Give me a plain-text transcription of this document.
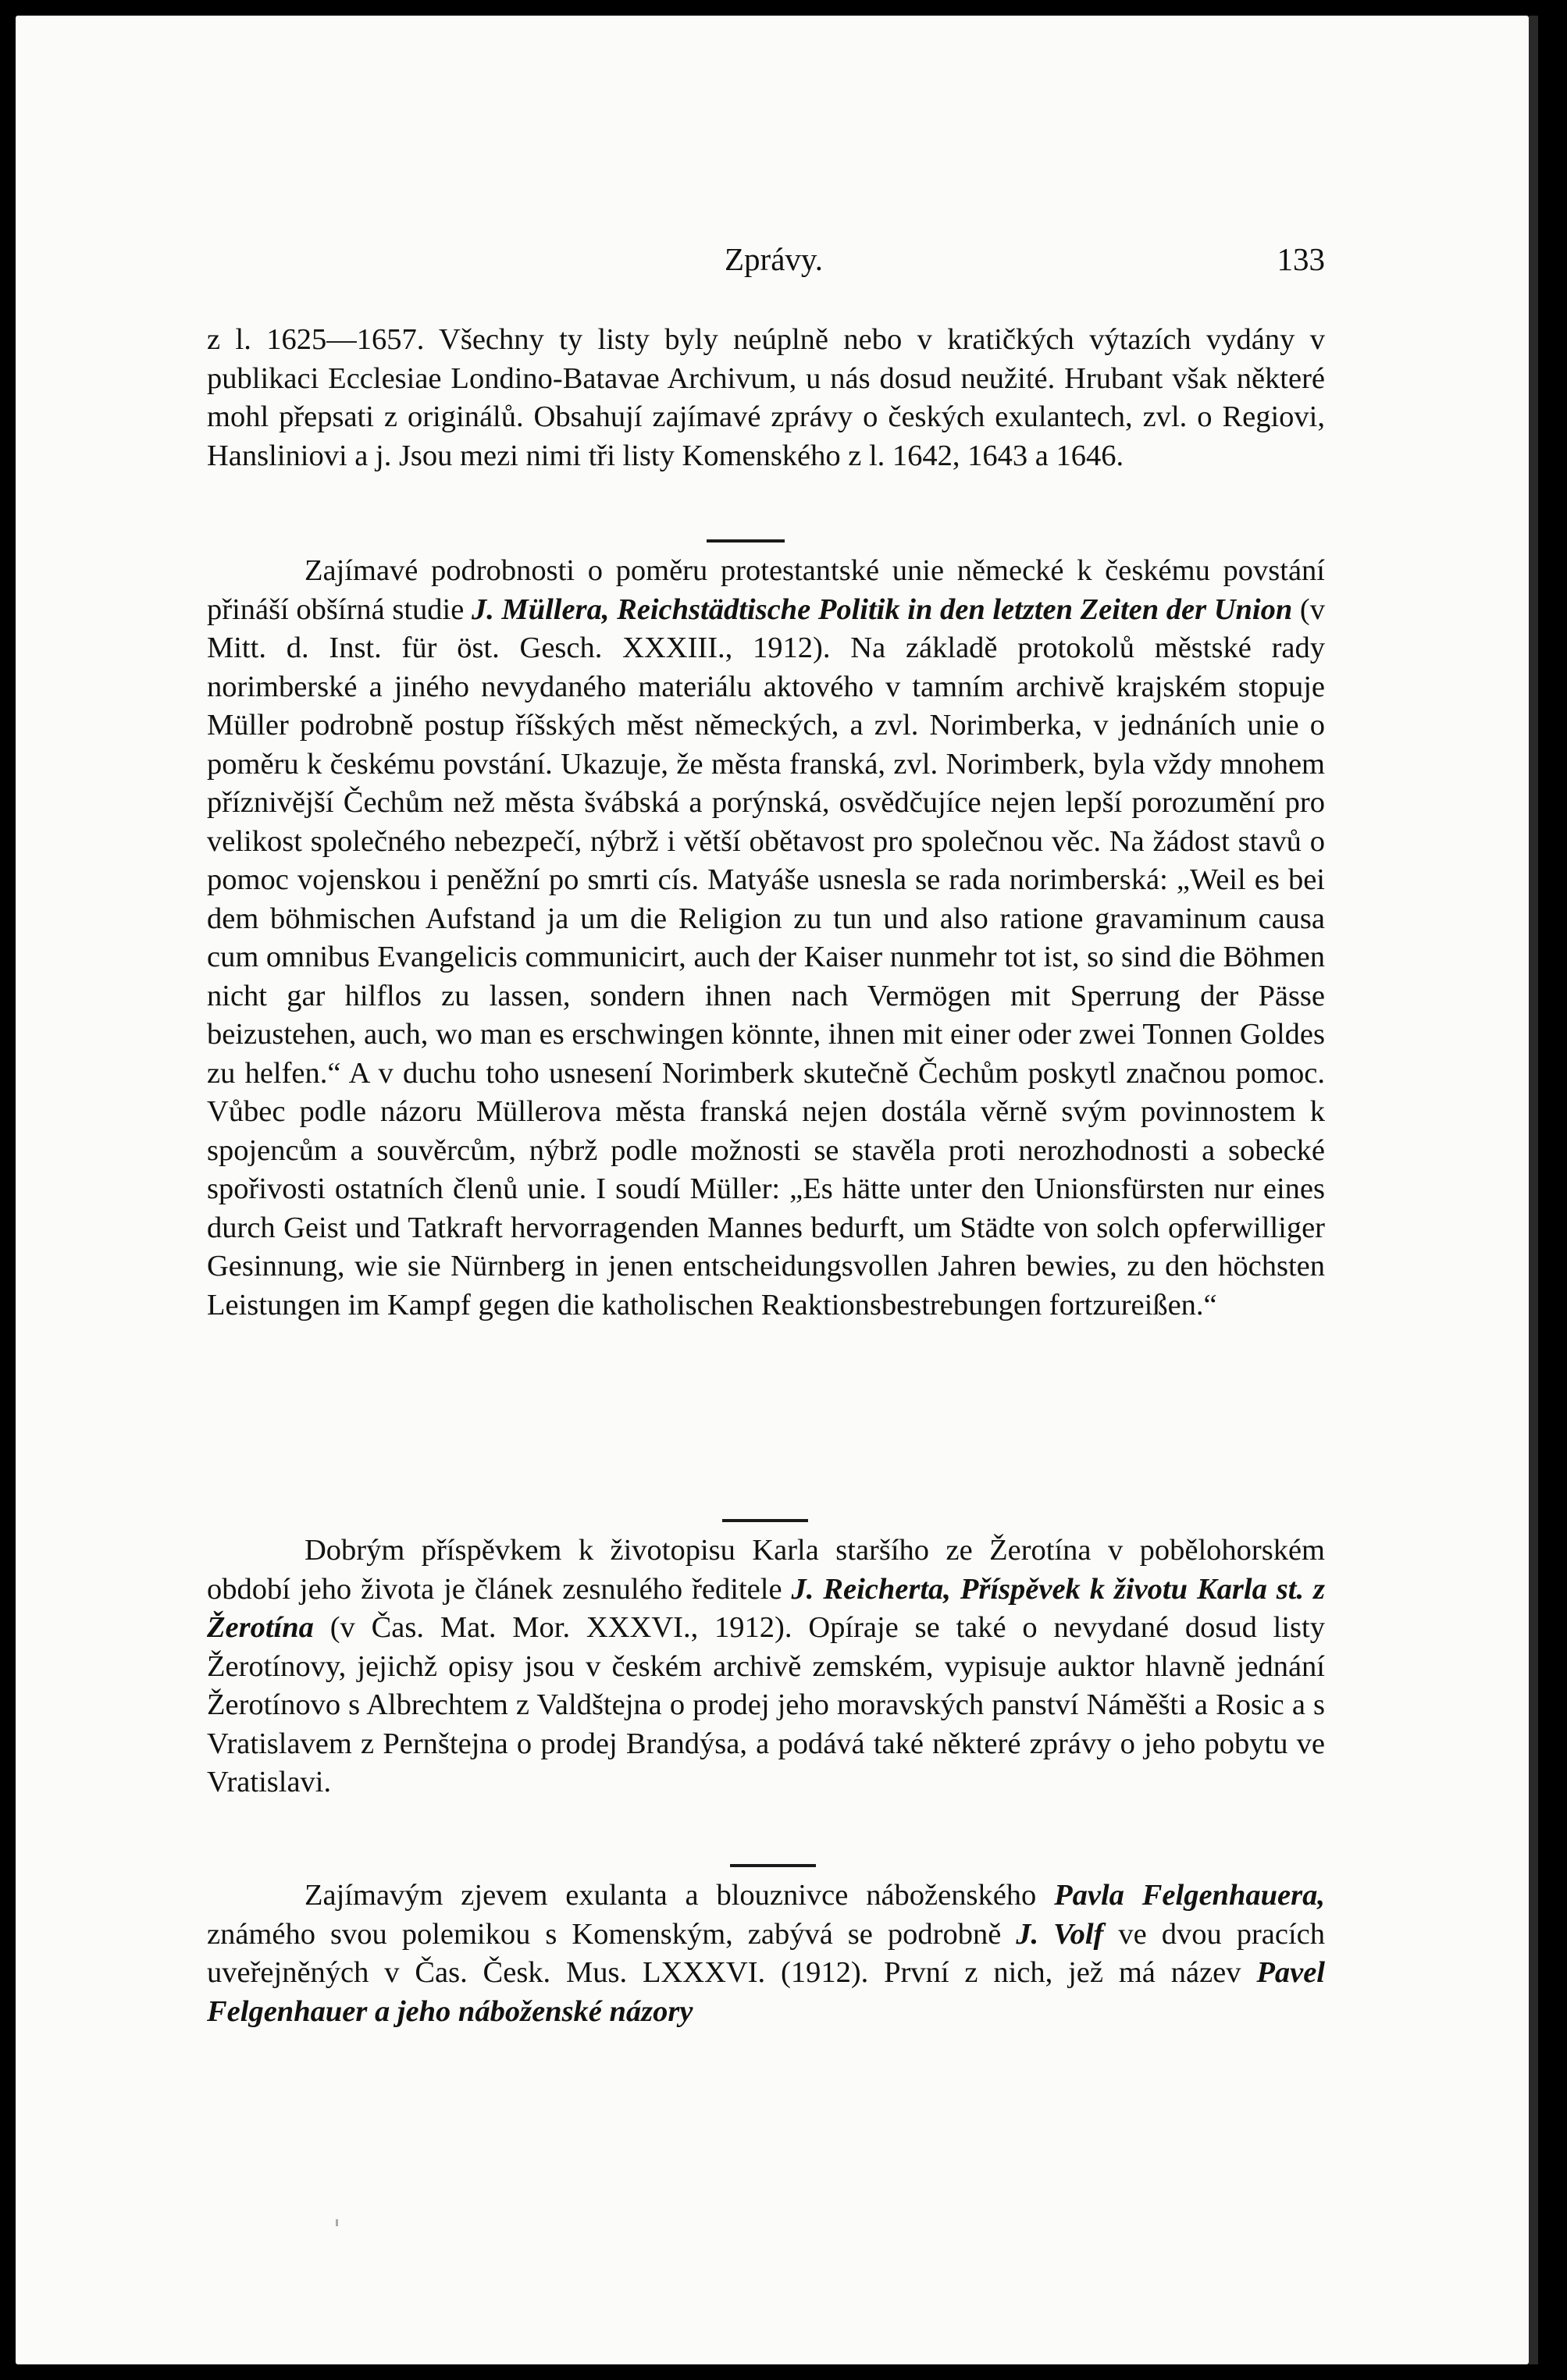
Zprávy.	133

z l. 1625—1657. Všechny ty listy byly neúplně nebo v kratičkých výtazích vydány v publikaci Ecclesiae Londino-Batavae Archivum, u nás dosud neužité. Hrubant však některé mohl přepsati z originálů. Obsahují zajímavé zprávy o českých exulantech, zvl. o Regiovi, Hansliniovi a j. Jsou mezi nimi tři listy Komenského z l. 1642, 1643 a 1646.

Zajímavé podrobnosti o poměru protestantské unie německé k českému povstání přináší obšírná studie J. Müllera, Reichstädtische Politik in den letzten Zeiten der Union (v Mitt. d. Inst. für öst. Gesch. XXXIII., 1912). Na základě protokolů městské rady norimberské a jiného nevydaného materiálu aktového v tamním archivě krajském stopuje Müller podrobně postup říšských měst německých, a zvl. Norimberka, v jednáních unie o poměru k českému povstání. Ukazuje, že města franská, zvl. Norimberk, byla vždy mnohem příznivější Čechům než města švábská a porýnská, osvědčujíce nejen lepší porozumění pro velikost společného nebezpečí, nýbrž i větší obětavost pro společnou věc. Na žádost stavů o pomoc vojenskou i peněžní po smrti cís. Matyáše usnesla se rada norimberská: „Weil es bei dem böhmischen Aufstand ja um die Religion zu tun und also ratione gravaminum causa cum omnibus Evangelicis communicirt, auch der Kaiser nunmehr tot ist, so sind die Böhmen nicht gar hilflos zu lassen, sondern ihnen nach Vermögen mit Sperrung der Pässe beizustehen, auch, wo man es erschwingen könnte, ihnen mit einer oder zwei Tonnen Goldes zu helfen.“ A v duchu toho usnesení Norimberk skutečně Čechům poskytl značnou pomoc. Vůbec podle názoru Müllerova města franská nejen dostála věrně svým povinnostem k spojencům a souvěrcům, nýbrž podle možnosti se stavěla proti nerozhodnosti a sobecké spořivosti ostatních členů unie. I soudí Müller: „Es hätte unter den Unionsfürsten nur eines durch Geist und Tatkraft hervorragenden Mannes bedurft, um Städte von solch opferwilliger Gesinnung, wie sie Nürnberg in jenen entscheidungsvollen Jahren bewies, zu den höchsten Leistungen im Kampf gegen die katholischen Reaktionsbestrebungen fortzureißen.“

Dobrým příspěvkem k životopisu Karla staršího ze Žerotína v pobělohorském období jeho života je článek zesnulého ředitele J. Reicherta, Příspěvek k životu Karla st. z Žerotína (v Čas. Mat. Mor. XXXVI., 1912). Opíraje se také o nevydané dosud listy Žerotínovy, jejichž opisy jsou v českém archivě zemském, vypisuje auktor hlavně jednání Žerotínovo s Albrechtem z Valdštejna o prodej jeho moravských panství Náměšti a Rosic a s Vratislavem z Pernštejna o prodej Brandýsa, a podává také některé zprávy o jeho pobytu ve Vratislavi.

Zajímavým zjevem exulanta a blouznivce náboženského Pavla Felgenhauera, známého svou polemikou s Komenským, zabývá se podrobně J. Volf ve dvou pracích uveřejněných v Čas. Česk. Mus. LXXXVI. (1912). První z nich, jež má název Pavel Felgenhauer a jeho náboženské názory
